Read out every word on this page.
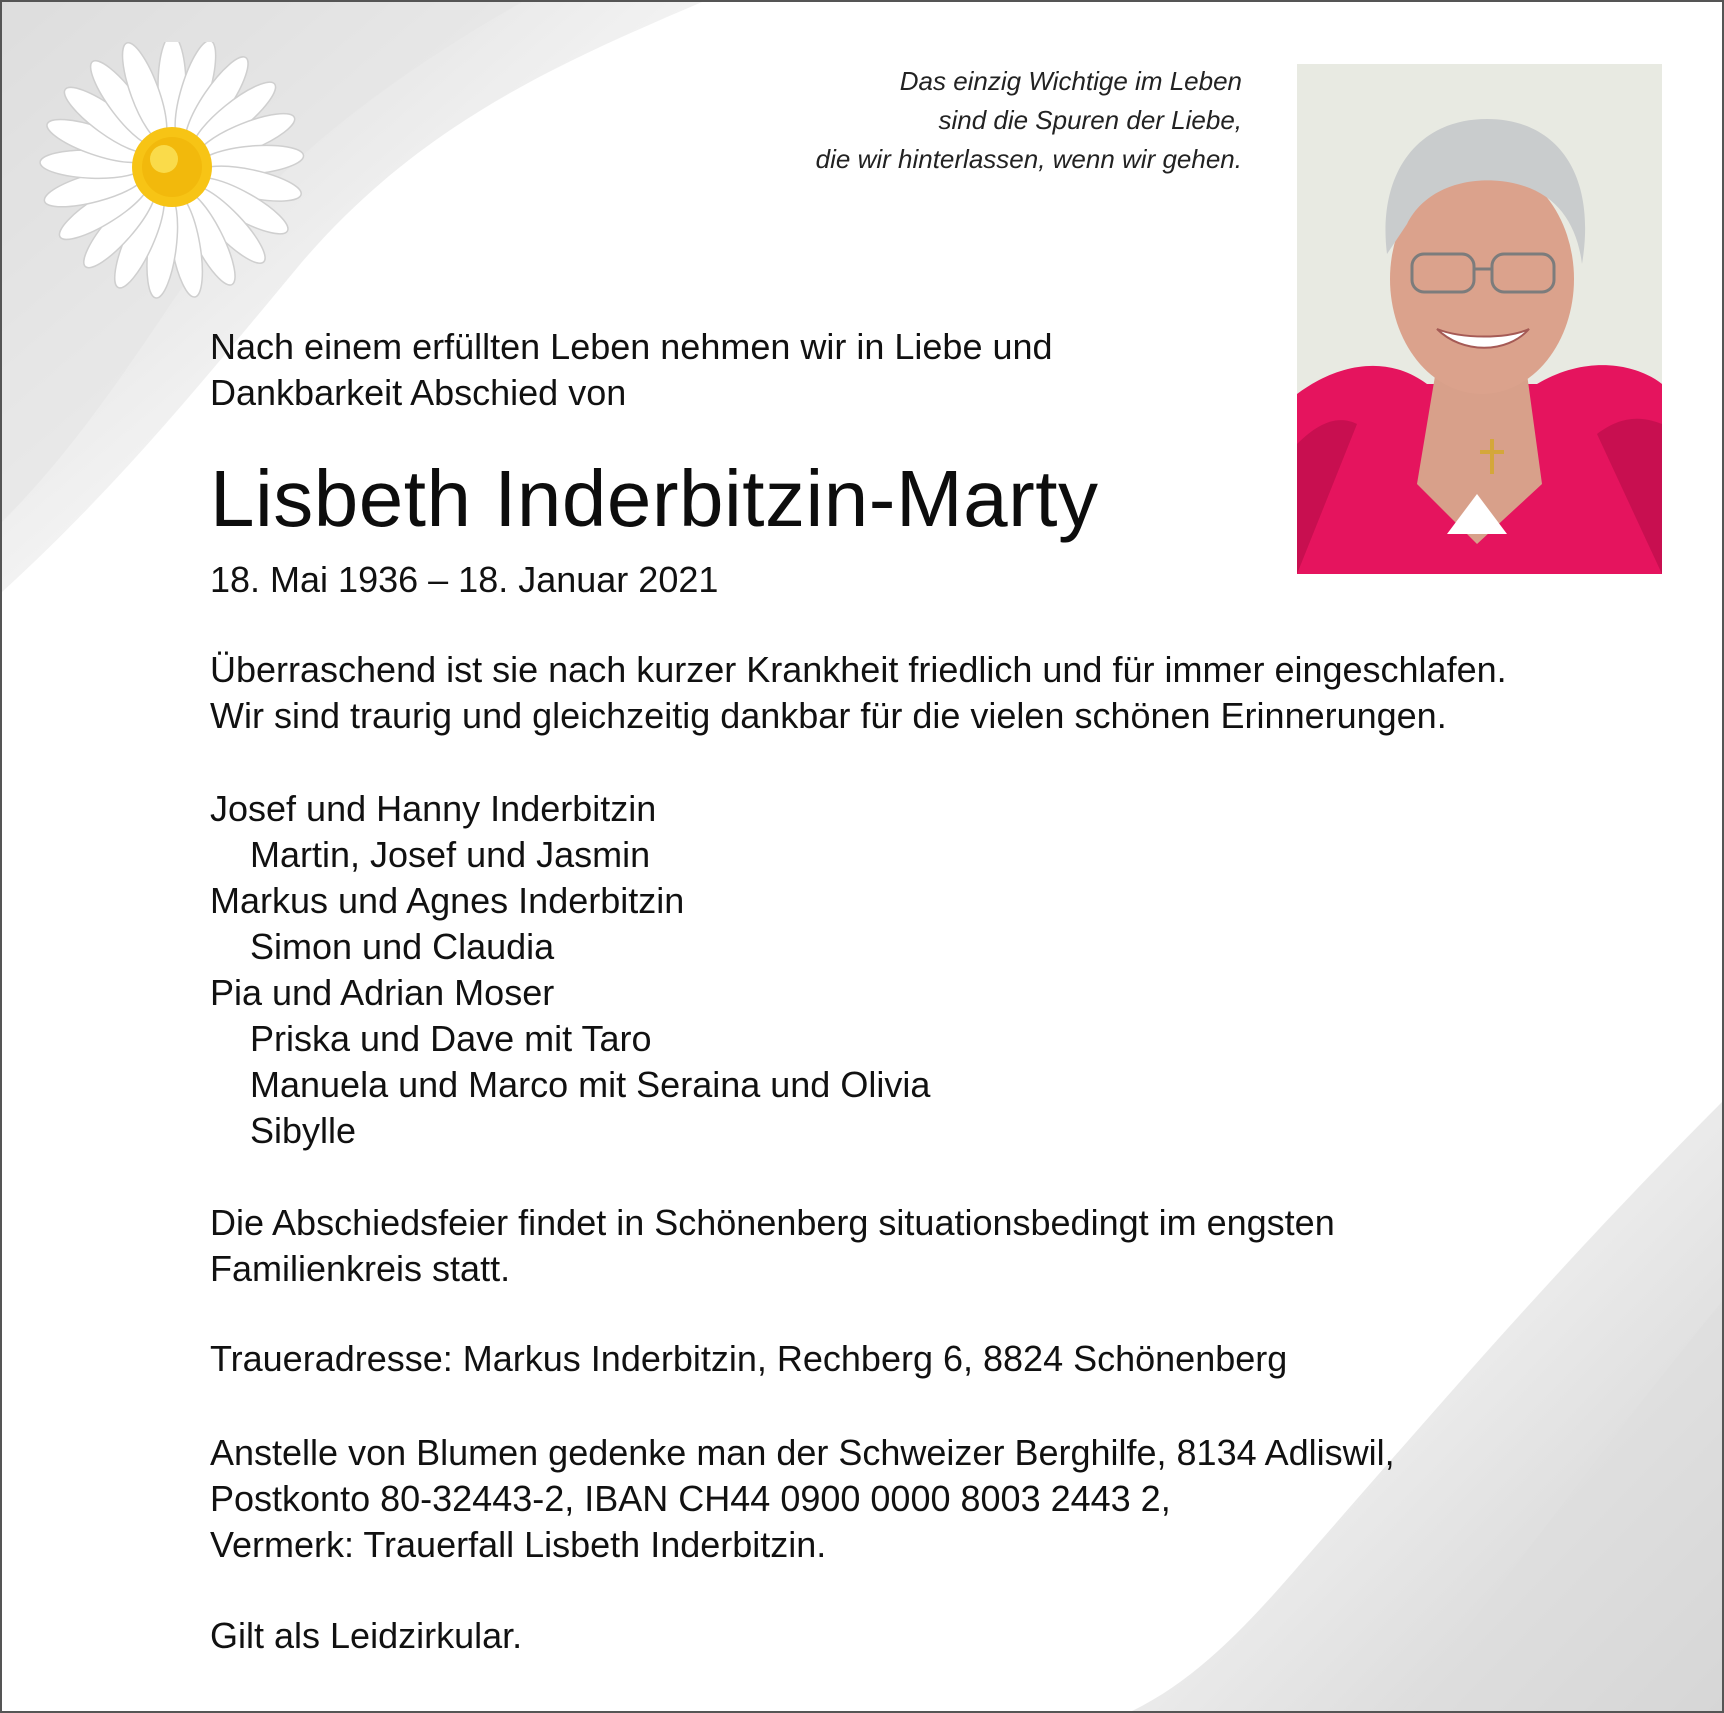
Das einzig Wichtige im Leben
sind die Spuren der Liebe,
die wir hinterlassen, wenn wir gehen.
Nach einem erfüllten Leben nehmen wir in Liebe und
Dankbarkeit Abschied von
Lisbeth Inderbitzin-Marty
18. Mai 1936 – 18. Januar 2021
Überraschend ist sie nach kurzer Krankheit friedlich und für immer eingeschlafen.
Wir sind traurig und gleichzeitig dankbar für die vielen schönen Erinnerungen.
Josef und Hanny Inderbitzin
Martin, Josef und Jasmin
Markus und Agnes Inderbitzin
Simon und Claudia
Pia und Adrian Moser
Priska und Dave mit Taro
Manuela und Marco mit Seraina und Olivia
Sibylle
Die Abschiedsfeier findet in Schönenberg situationsbedingt im engsten
Familienkreis statt.
Traueradresse: Markus Inderbitzin, Rechberg 6, 8824 Schönenberg
Anstelle von Blumen gedenke man der Schweizer Berghilfe, 8134 Adliswil,
Postkonto 80-32443-2, IBAN CH44 0900 0000 8003 2443 2,
Vermerk: Trauerfall Lisbeth Inderbitzin.
Gilt als Leidzirkular.
